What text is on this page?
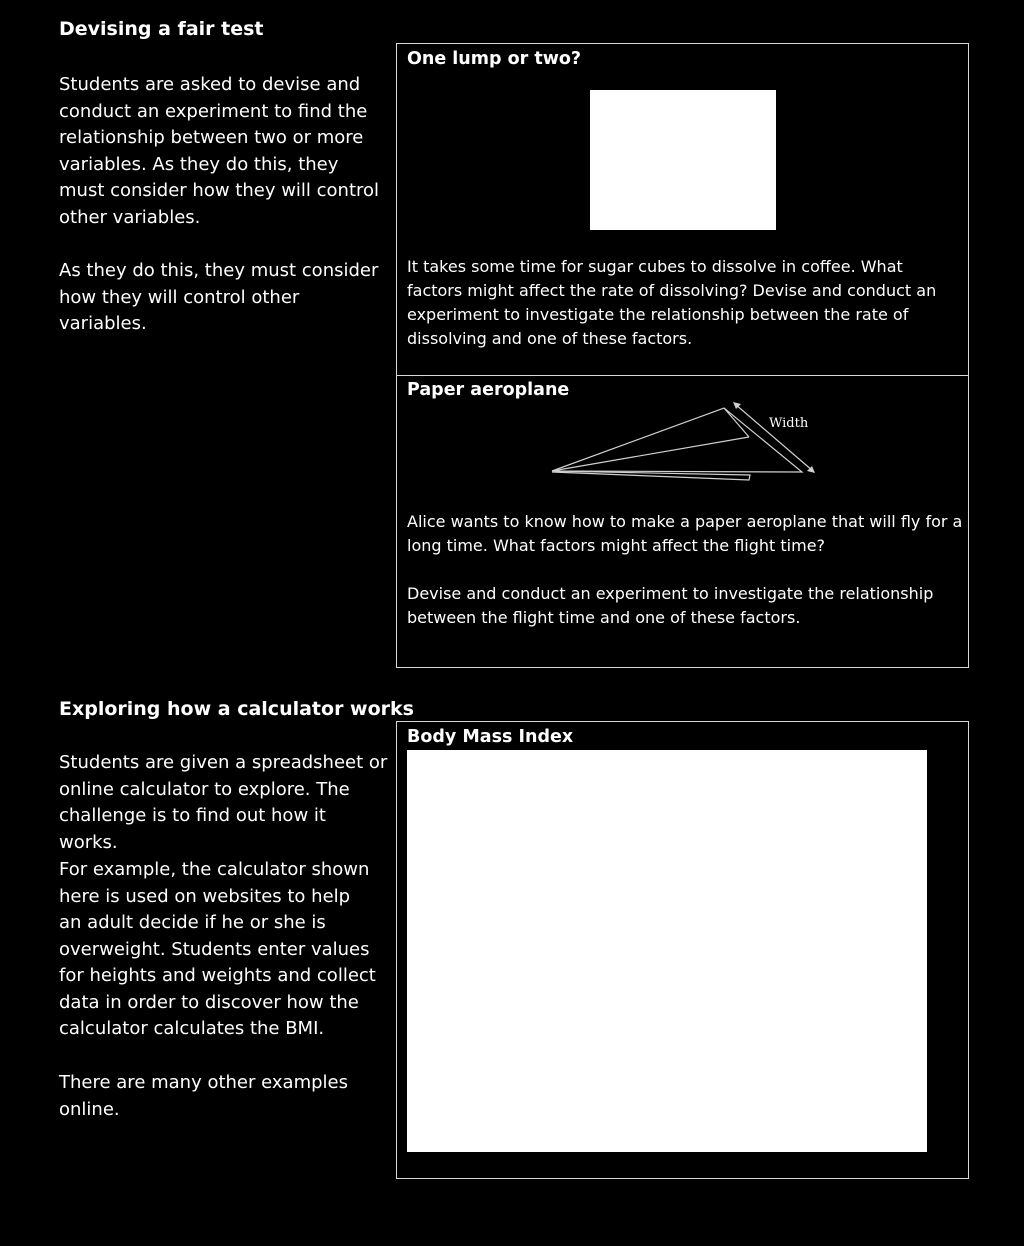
Devising a fair test

Students are asked to devise and conduct an experiment to find the relationship between two or more variables. As they do this, they must consider how they will control other variables.

As they do this, they must consider how they will control other variables.

Exploring how a calculator works

Students are given a spreadsheet or online calculator to explore. The challenge is to find out how it works.

For example, the calculator shown here is used on websites to help an adult decide if he or she is overweight. Students enter values for heights and weights and collect data in order to discover how the calculator calculates the BMI.

There are many other examples online.

One lump or two?

It takes some time for sugar cubes to dissolve in coffee. What factors might affect the rate of dissolving? Devise and conduct an experiment to investigate the relationship between the rate of dissolving and one of these factors.

Paper aeroplane
Width

Alice wants to know how to make a paper aeroplane that will fly for a long time. What factors might affect the flight time?

Devise and conduct an experiment to investigate the relationship between the flight time and one of these factors.

Body Mass Index
